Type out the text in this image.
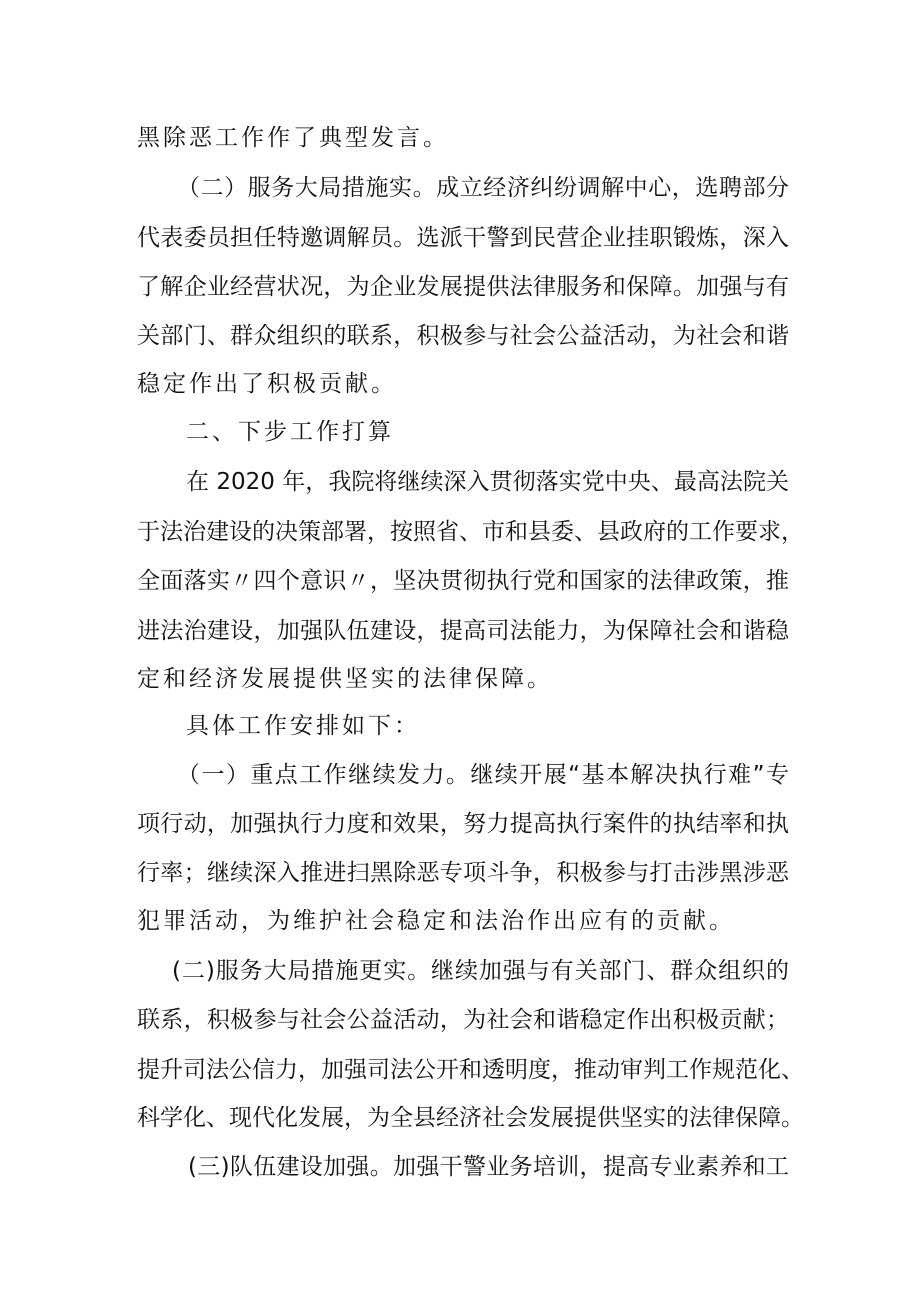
黑除恶工作作了典型发言。
（二）服务大局措施实。成立经济纠纷调解中心，选聘部分
代表委员担任特邀调解员。选派干警到民营企业挂职锻炼，深入
了解企业经营状况，为企业发展提供法律服务和保障。加强与有
关部门、群众组织的联系，积极参与社会公益活动，为社会和谐
稳定作出了积极贡献。
二、下步工作打算
在 2020 年，我院将继续深入贯彻落实党中央、最高法院关
于法治建设的决策部署，按照省、市和县委、县政府的工作要求，
全面落实〃四个意识〃，坚决贯彻执行党和国家的法律政策，推
进法治建设，加强队伍建设，提高司法能力，为保障社会和谐稳
定和经济发展提供坚实的法律保障。
具体工作安排如下：
（一）重点工作继续发力。继续开展“基本解决执行难”专
项行动，加强执行力度和效果，努力提高执行案件的执结率和执
行率；继续深入推进扫黑除恶专项斗争，积极参与打击涉黑涉恶
犯罪活动，为维护社会稳定和法治作出应有的贡献。
(二)服务大局措施更实。继续加强与有关部门、群众组织的
联系，积极参与社会公益活动，为社会和谐稳定作出积极贡献；
提升司法公信力，加强司法公开和透明度，推动审判工作规范化、
科学化、现代化发展，为全县经济社会发展提供坚实的法律保障。
(三)队伍建设加强。加强干警业务培训，提高专业素养和工
